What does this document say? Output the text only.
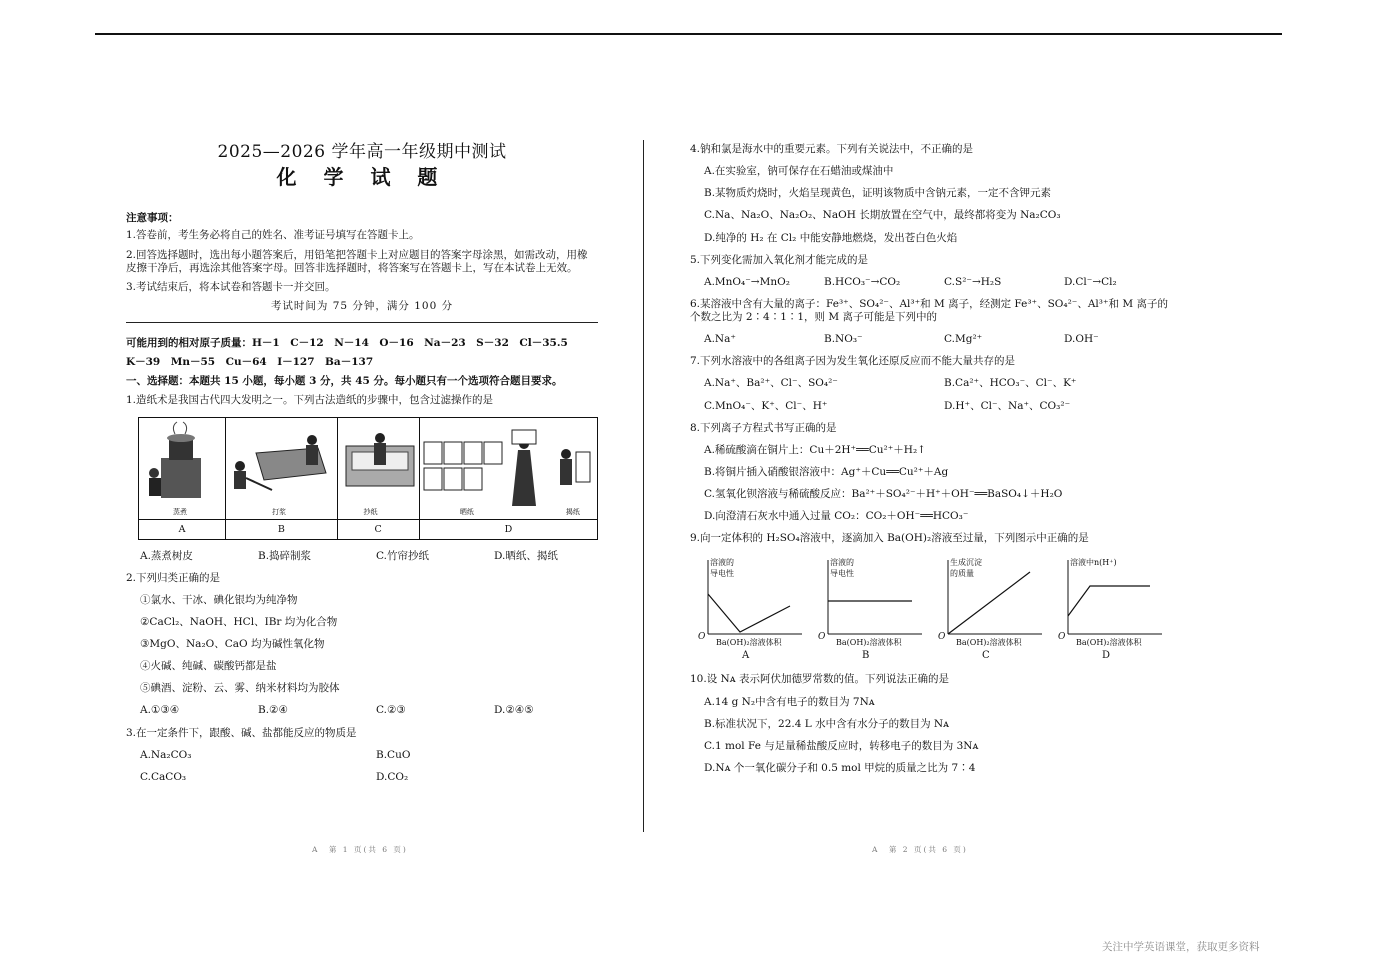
2025—2026 学年高一年级期中测试
化 学 试 题
注意事项：
1.答卷前，考生务必将自己的姓名、准考证号填写在答题卡上。
2.回答选择题时，选出每小题答案后，用铅笔把答题卡上对应题目的答案字母涂黑，如需改动，用橡皮擦干净后，再选涂其他答案字母。回答非选择题时，将答案写在答题卡上，写在本试卷上无效。
3.考试结束后，将本试卷和答题卡一并交回。
考试时间为 75 分钟，满分 100 分
可能用到的相对原子质量：H－1　C－12　N－14　O－16　Na－23　S－32　Cl－35.5
K－39　Mn－55　Cu－64　I－127　Ba－137
一、选择题：本题共 15 小题，每小题 3 分，共 45 分。每小题只有一个选项符合题目要求。
1.造纸术是我国古代四大发明之一。下列古法造纸的步骤中，包含过滤操作的是
蒸煮	打浆	抄纸	晒纸	揭纸
A	B	C	D
A.蒸煮树皮	B.捣碎制浆	C.竹帘抄纸	D.晒纸、揭纸
2.下列归类正确的是
①氯水、干冰、碘化银均为纯净物
②CaCl₂、NaOH、HCl、IBr 均为化合物
③MgO、Na₂O、CaO 均为碱性氧化物
④火碱、纯碱、碳酸钙都是盐
⑤碘酒、淀粉、云、雾、纳米材料均为胶体
A.①③④	B.②④	C.②③	D.②④⑤
3.在一定条件下，跟酸、碱、盐都能反应的物质是
A.Na₂CO₃	B.CuO
C.CaCO₃	D.CO₂
4.钠和氯是海水中的重要元素。下列有关说法中，不正确的是
A.在实验室，钠可保存在石蜡油或煤油中
B.某物质灼烧时，火焰呈现黄色，证明该物质中含钠元素，一定不含钾元素
C.Na、Na₂O、Na₂O₂、NaOH 长期放置在空气中，最终都将变为 Na₂CO₃
D.纯净的 H₂ 在 Cl₂ 中能安静地燃烧，发出苍白色火焰
5.下列变化需加入氧化剂才能完成的是
A.MnO₄⁻→MnO₂	B.HCO₃⁻→CO₂	C.S²⁻→H₂S	D.Cl⁻→Cl₂
6.某溶液中含有大量的离子：Fe³⁺、SO₄²⁻、Al³⁺和 M 离子，经测定 Fe³⁺、SO₄²⁻、Al³⁺和 M 离子的个数之比为 2∶4∶1∶1，则 M 离子可能是下列中的
A.Na⁺	B.NO₃⁻	C.Mg²⁺	D.OH⁻
7.下列水溶液中的各组离子因为发生氧化还原反应而不能大量共存的是
A.Na⁺、Ba²⁺、Cl⁻、SO₄²⁻	B.Ca²⁺、HCO₃⁻、Cl⁻、K⁺
C.MnO₄⁻、K⁺、Cl⁻、H⁺	D.H⁺、Cl⁻、Na⁺、CO₃²⁻
8.下列离子方程式书写正确的是
A.稀硫酸滴在铜片上：Cu＋2H⁺══Cu²⁺＋H₂↑
B.将铜片插入硝酸银溶液中：Ag⁺＋Cu══Cu²⁺＋Ag
C.氢氧化钡溶液与稀硫酸反应：Ba²⁺＋SO₄²⁻＋H⁺＋OH⁻══BaSO₄↓＋H₂O
D.向澄清石灰水中通入过量 CO₂：CO₂＋OH⁻══HCO₃⁻
9.向一定体积的 H₂SO₄溶液中，逐滴加入 Ba(OH)₂溶液至过量，下列图示中正确的是
溶液的
导电性
O
Ba(OH)₂溶液体积
A
溶液的
导电性
O
Ba(OH)₂溶液体积
B
生成沉淀
的质量
O
Ba(OH)₂溶液体积
C
溶液中n(H⁺)
O
Ba(OH)₂溶液体积
D
10.设 Nᴀ 表示阿伏加德罗常数的值。下列说法正确的是
A.14 g N₂中含有电子的数目为 7Nᴀ
B.标准状况下，22.4 L 水中含有水分子的数目为 Nᴀ
C.1 mol Fe 与足量稀盐酸反应时，转移电子的数目为 3Nᴀ
D.Nᴀ 个一氧化碳分子和 0.5 mol 甲烷的质量之比为 7∶4
A　第 1 页(共 6 页)	A　第 2 页(共 6 页)
关注中学英语课堂，获取更多资料
